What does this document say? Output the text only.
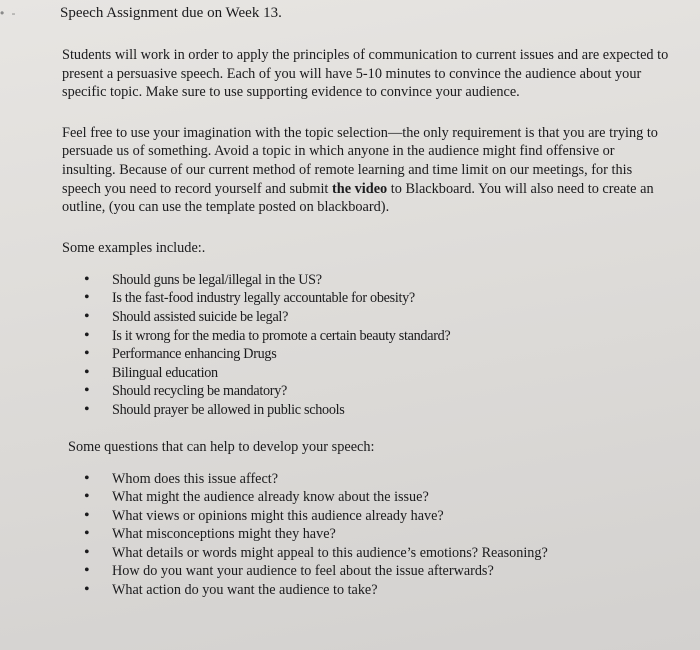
• -	Speech Assignment due on Week 13.

Students will work in order to apply the principles of communication to current issues and are expected to present a persuasive speech. Each of you will have 5-10 minutes to convince the audience about your specific topic. Make sure to use supporting evidence to convince your audience.

Feel free to use your imagination with the topic selection—the only requirement is that you are trying to persuade us of something. Avoid a topic in which anyone in the audience might find offensive or insulting. Because of our current method of remote learning and time limit on our meetings, for this speech you need to record yourself and submit the video to Blackboard. You will also need to create an outline, (you can use the template posted on blackboard).

Some examples include:.
• Should guns be legal/illegal in the US?
• Is the fast-food industry legally accountable for obesity?
• Should assisted suicide be legal?
• Is it wrong for the media to promote a certain beauty standard?
• Performance enhancing Drugs
• Bilingual education
• Should recycling be mandatory?
• Should prayer be allowed in public schools
Some questions that can help to develop your speech:
• Whom does this issue affect?
• What might the audience already know about the issue?
• What views or opinions might this audience already have?
• What misconceptions might they have?
• What details or words might appeal to this audience’s emotions? Reasoning?
• How do you want your audience to feel about the issue afterwards?
• What action do you want the audience to take?
